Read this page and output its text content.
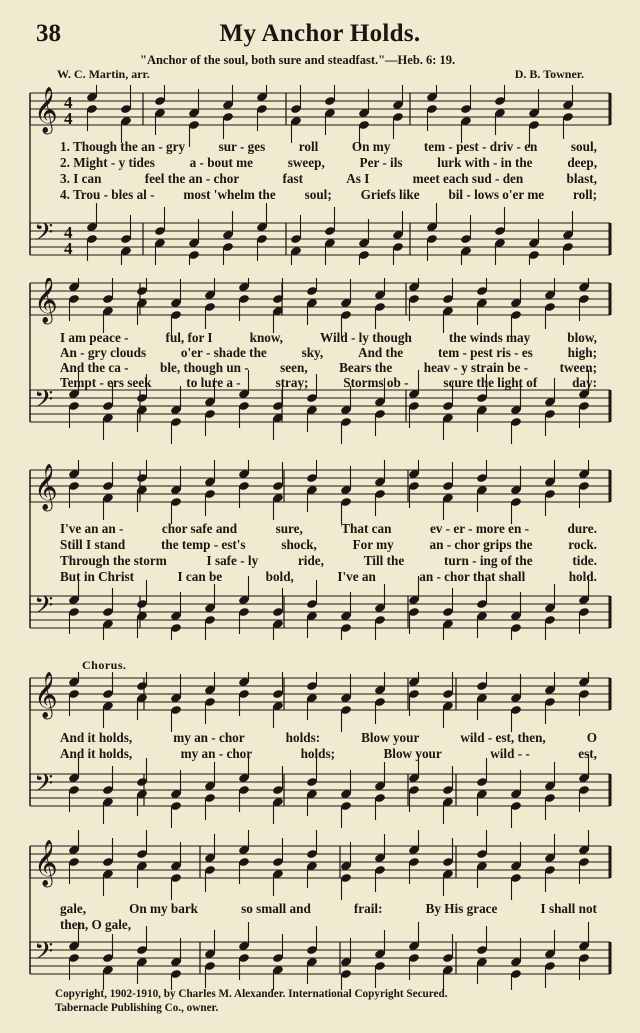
38	My Anchor Holds.
"Anchor of the soul, both sure and steadfast."—Heb. 6: 19.
W. C. Martin, arr.	D. B. Towner.
𝄞 4
4
𝄢 4
4
1. Though the an - gry	sur - ges	roll	On my	tem - pest - driv - en	soul,
2. Might - y tides	a - bout me	sweep,	Per - ils	lurk with - in the	deep,
3. I can	feel the an - chor	fast	As I	meet each sud - den	blast,
4. Trou - bles al - most 'whelm the soul; Griefs like bil - lows o'er me roll;
𝄞
𝄢
I am peace -	ful, for I	know,	Wild - ly though	the winds may	blow,
An - gry clouds	o'er - shade the	sky,	And the	tem - pest ris - es	high;
And the ca - ble, though un - seen, Bears the heav - y strain be - tween;
Tempt - ers seek	to lure a -	stray;	Storms ob -	scure the light of	day:
𝄞
𝄢
I've an an -	chor safe and	sure,	That can	ev - er - more en -	dure.
Still I stand	the temp - est's	shock,	For my	an - chor grips the	rock.
Through the storm	I safe - ly	ride,	Till the	turn - ing of the	tide.
But in Christ	I can be	bold,	I've an	an - chor that shall	hold.
Chorus.
𝄞
𝄢
And it holds,	my an - chor	holds:	Blow your	wild - est, then,	O
And it holds,	my an - chor	holds;	Blow your	wild - -	est,
𝄞
𝄢
gale,	On my bark	so small and	frail:	By His grace	I shall not
then, O gale,
Copyright, 1902-1910, by Charles M. Alexander. International Copyright Secured.
Tabernacle Publishing Co., owner.
